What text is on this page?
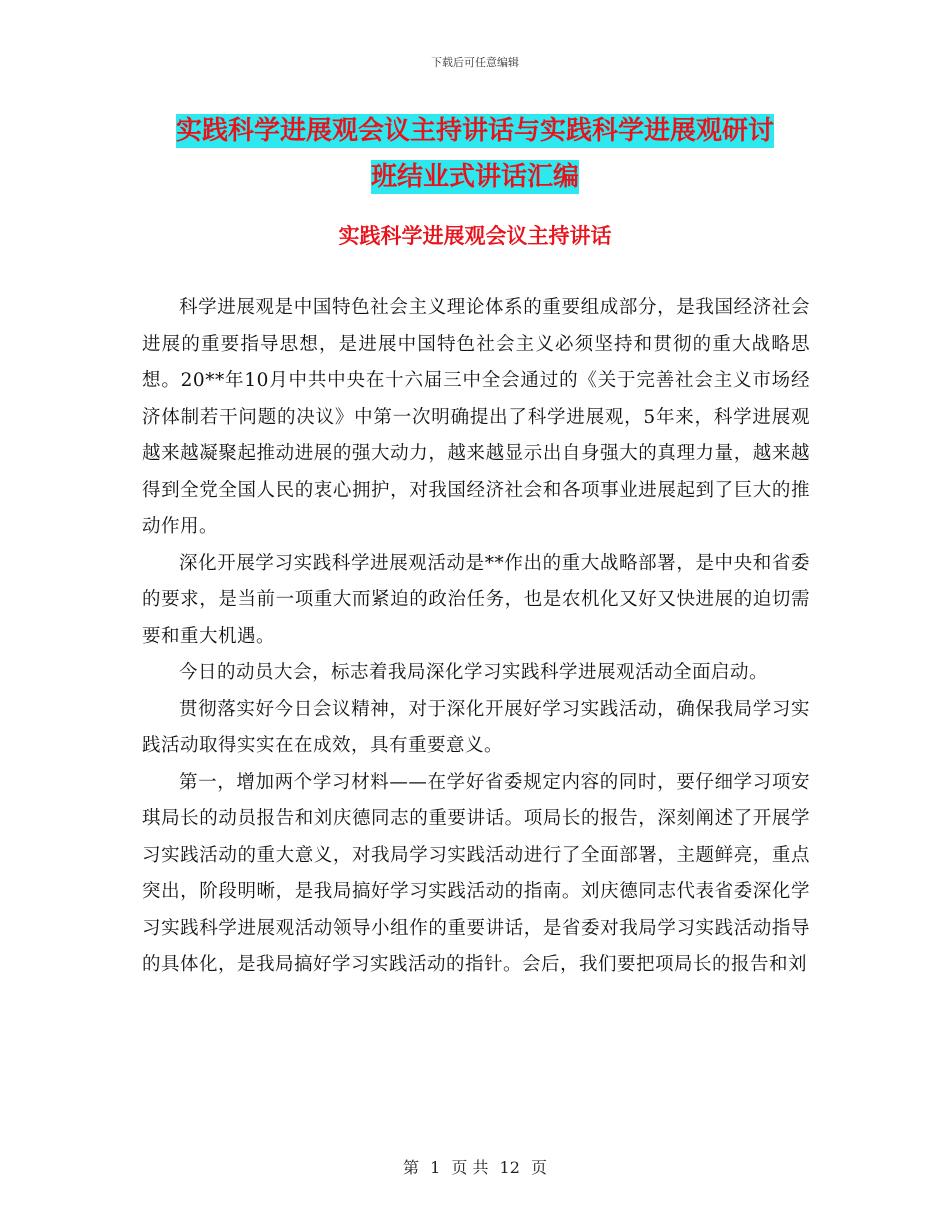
下载后可任意编辑
实践科学进展观会议主持讲话与实践科学进展观研讨
班结业式讲话汇编
实践科学进展观会议主持讲话

科学进展观是中国特色社会主义理论体系的重要组成部分，是我国经济社会进展的重要指导思想，是进展中国特色社会主义必须坚持和贯彻的重大战略思想。20**年10月中共中央在十六届三中全会通过的《关于完善社会主义市场经济体制若干问题的决议》中第一次明确提出了科学进展观，5年来，科学进展观越来越凝聚起推动进展的强大动力，越来越显示出自身强大的真理力量，越来越得到全党全国人民的衷心拥护，对我国经济社会和各项事业进展起到了巨大的推动作用。

深化开展学习实践科学进展观活动是**作出的重大战略部署，是中央和省委的要求，是当前一项重大而紧迫的政治任务，也是农机化又好又快进展的迫切需要和重大机遇。

今日的动员大会，标志着我局深化学习实践科学进展观活动全面启动。

贯彻落实好今日会议精神，对于深化开展好学习实践活动，确保我局学习实践活动取得实实在在成效，具有重要意义。

第一，增加两个学习材料——在学好省委规定内容的同时，要仔细学习项安琪局长的动员报告和刘庆德同志的重要讲话。项局长的报告，深刻阐述了开展学习实践活动的重大意义，对我局学习实践活动进行了全面部署，主题鲜亮，重点突出，阶段明晰，是我局搞好学习实践活动的指南。刘庆德同志代表省委深化学习实践科学进展观活动领导小组作的重要讲话，是省委对我局学习实践活动指导的具体化，是我局搞好学习实践活动的指针。会后，我们要把项局长的报告和刘

第 1 页 共 12 页
